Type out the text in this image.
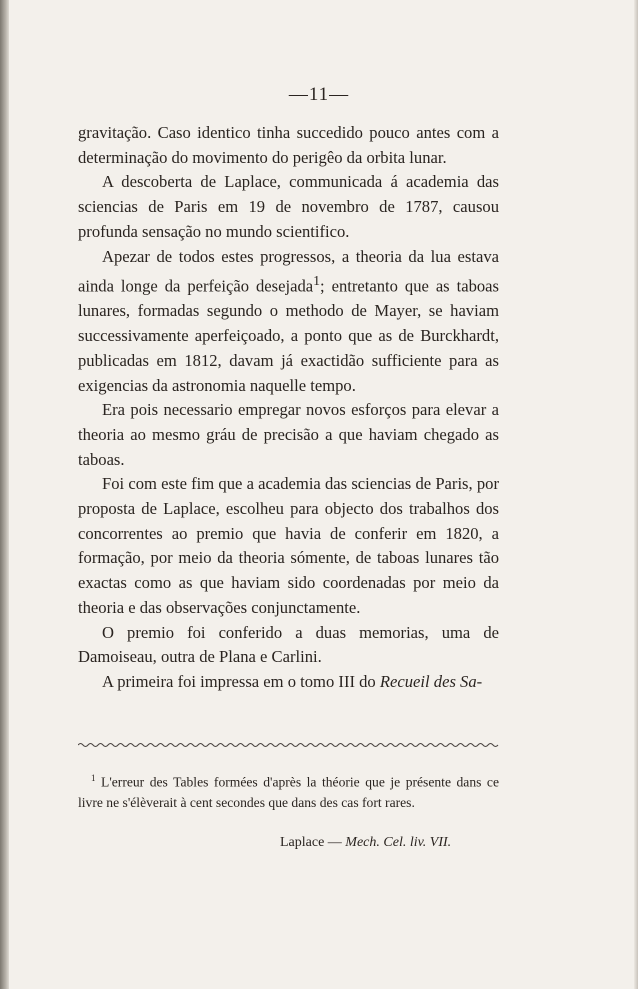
—11—

gravitação. Caso identico tinha succedido pouco antes com a determinação do movimento do perigêo da orbita lunar.

A descoberta de Laplace, communicada á academia das sciencias de Paris em 19 de novembro de 1787, causou profunda sensação no mundo scientifico.

Apezar de todos estes progressos, a theoria da lua estava ainda longe da perfeição desejada$^1$; entretanto que as taboas lunares, formadas segundo o methodo de Mayer, se haviam successivamente aperfeiçoado, a ponto que as de Burckhardt, publicadas em 1812, davam já exactidão sufficiente para as exigencias da astronomia naquelle tempo.

Era pois necessario empregar novos esforços para elevar a theoria ao mesmo gráu de precisão a que haviam chegado as taboas.

Foi com este fim que a academia das sciencias de Paris, por proposta de Laplace, escolheu para objecto dos trabalhos dos concorrentes ao premio que havia de conferir em 1820, a formação, por meio da theoria sómente, de taboas lunares tão exactas como as que haviam sido coordenadas por meio da theoria e das observações conjunctamente.

O premio foi conferido a duas memorias, uma de Damoiseau, outra de Plana e Carlini.

A primeira foi impressa em o tomo III do Recueil des Sa-

$^1$ L'erreur des Tables formées d'après la théorie que je présente dans ce livre ne s'élèverait à cent secondes que dans des cas fort rares.

Laplace — Mech. Cel. liv. VII.
